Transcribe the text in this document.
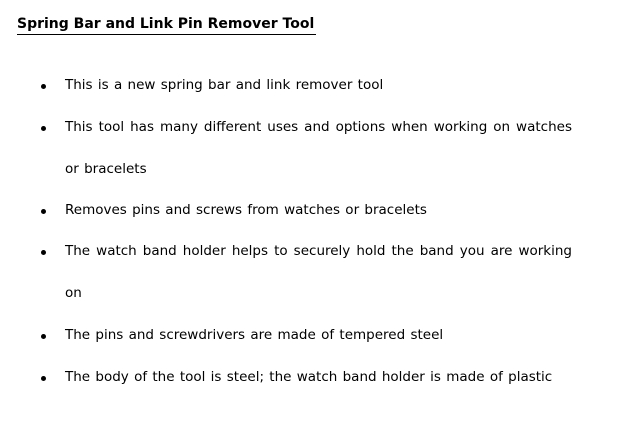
Spring Bar and Link Pin Remover Tool
This is a new spring bar and link remover tool
This tool has many different uses and options when working on watches or bracelets
Removes pins and screws from watches or bracelets
The watch band holder helps to securely hold the band you are working on
The pins and screwdrivers are made of tempered steel
The body of the tool is steel; the watch band holder is made of plastic
